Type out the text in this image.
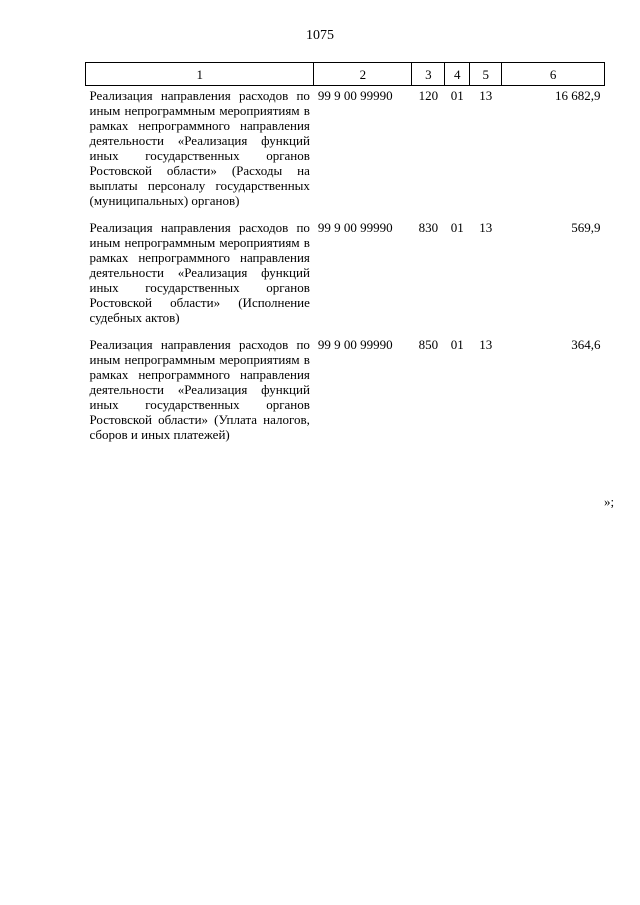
1075
1	2	3	4	5	6
Реализация направления расходов по иным непрограммным мероприятиям в рамках непрограммного направления деятельности «Реализация функций иных государственных органов Ростовской области» (Расходы на выплаты персоналу государственных (муниципальных) органов)	99 9 00 99990	120	01	13	16 682,9
Реализация направления расходов по иным непрограммным мероприятиям в рамках непрограммного направления деятельности «Реализация функций иных государственных органов Ростовской области» (Исполнение судебных актов)	99 9 00 99990	830	01	13	569,9
Реализация направления расходов по иным непрограммным мероприятиям в рамках непрограммного направления деятельности «Реализация функций иных государственных органов Ростовской области» (Уплата налогов, сборов и иных платежей)	99 9 00 99990	850	01	13	364,6
»;
